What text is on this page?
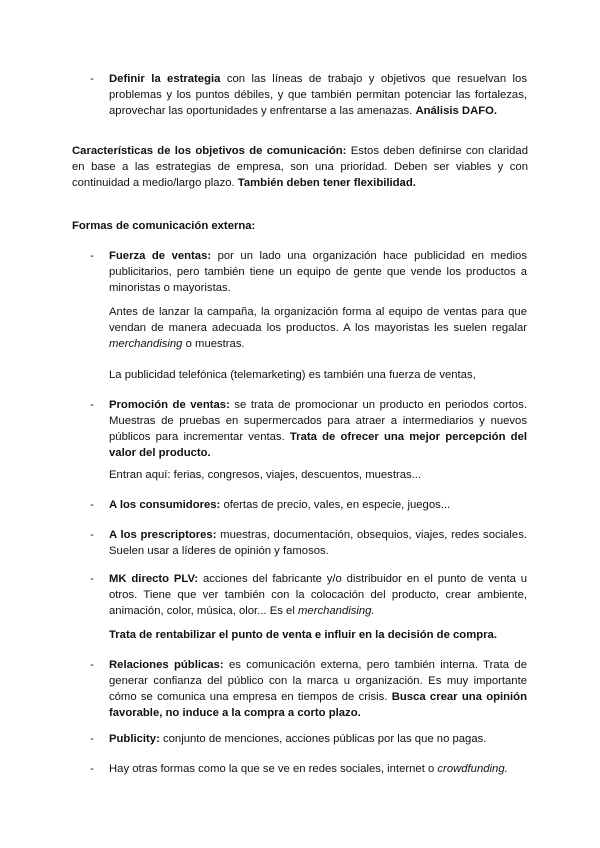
- Definir la estrategia con las líneas de trabajo y objetivos que resuelvan los problemas y los puntos débiles, y que también permitan potenciar las fortalezas, aprovechar las oportunidades y enfrentarse a las amenazas. Análisis DAFO.

Características de los objetivos de comunicación: Estos deben definirse con claridad en base a las estrategias de empresa, son una prioridad. Deben ser viables y con continuidad a medio/largo plazo. También deben tener flexibilidad.

Formas de comunicación externa:

- Fuerza de ventas: por un lado una organización hace publicidad en medios publicitarios, pero también tiene un equipo de gente que vende los productos a minoristas o mayoristas.

Antes de lanzar la campaña, la organización forma al equipo de ventas para que vendan de manera adecuada los productos. A los mayoristas les suelen regalar merchandising o muestras.

La publicidad telefónica (telemarketing) es también una fuerza de ventas,

- Promoción de ventas: se trata de promocionar un producto en periodos cortos. Muestras de pruebas en supermercados para atraer a intermediarios y nuevos públicos para incrementar ventas. Trata de ofrecer una mejor percepción del valor del producto.

Entran aquí: ferias, congresos, viajes, descuentos, muestras...

- A los consumidores: ofertas de precio, vales, en especie, juegos...

- A los prescriptores: muestras, documentación, obsequios, viajes, redes sociales. Suelen usar a líderes de opinión y famosos.

- MK directo PLV: acciones del fabricante y/o distribuidor en el punto de venta u otros. Tiene que ver también con la colocación del producto, crear ambiente, animación, color, música, olor... Es el merchandising.

Trata de rentabilizar el punto de venta e influir en la decisión de compra.

- Relaciones públicas: es comunicación externa, pero también interna. Trata de generar confianza del público con la marca u organización. Es muy importante cómo se comunica una empresa en tiempos de crisis. Busca crear una opinión favorable, no induce a la compra a corto plazo.

- Publicity: conjunto de menciones, acciones públicas por las que no pagas.

- Hay otras formas como la que se ve en redes sociales, internet o crowdfunding.
